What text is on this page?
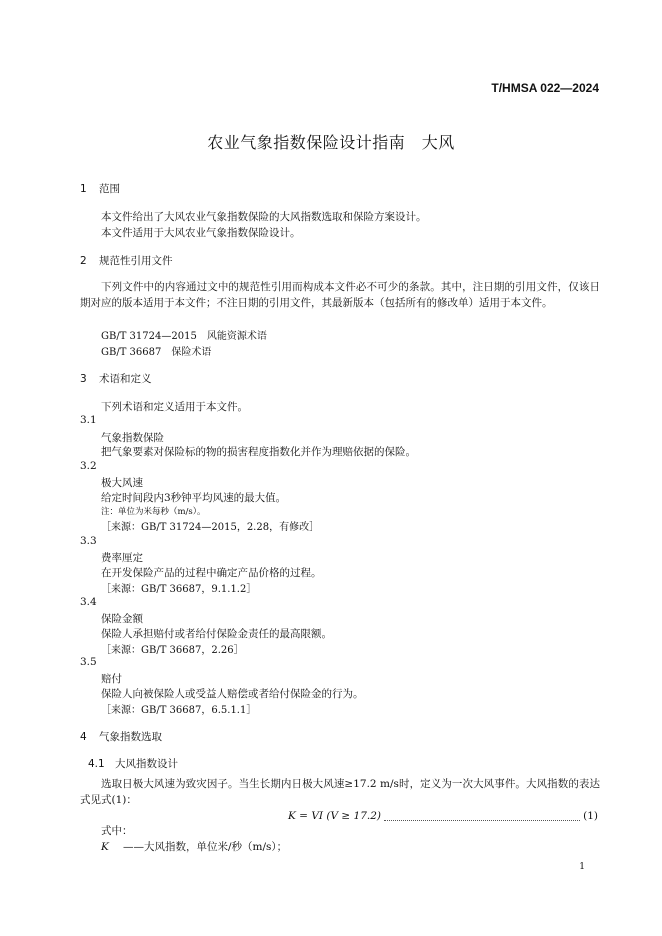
T/HMSA 022—2024
农业气象指数保险设计指南　大风
1 范围
本文件给出了大风农业气象指数保险的大风指数选取和保险方案设计。
本文件适用于大风农业气象指数保险设计。
2 规范性引用文件
下列文件中的内容通过文中的规范性引用而构成本文件必不可少的条款。其中，注日期的引用文件，仅该日期对应的版本适用于本文件；不注日期的引用文件，其最新版本（包括所有的修改单）适用于本文件。
GB/T 31724—2015　风能资源术语
GB/T 36687　保险术语
3 术语和定义
下列术语和定义适用于本文件。
3.1
气象指数保险
把气象要素对保险标的物的损害程度指数化并作为理赔依据的保险。
3.2
极大风速
给定时间段内3秒钟平均风速的最大值。
注：单位为米每秒（m/s）。
［来源：GB/T 31724—2015，2.28，有修改］
3.3
费率厘定
在开发保险产品的过程中确定产品价格的过程。
［来源：GB/T 36687，9.1.1.2］
3.4
保险金额
保险人承担赔付或者给付保险金责任的最高限额。
［来源：GB/T 36687，2.26］
3.5
赔付
保险人向被保险人或受益人赔偿或者给付保险金的行为。
［来源：GB/T 36687，6.5.1.1］
4 气象指数选取
4.1 大风指数设计
选取日极大风速为致灾因子。当生长期内日极大风速≥17.2 m/s时，定义为一次大风事件。大风指数的表达式见式(1)：
K = VI (V ≥ 17.2)	(1)
式中：
K ——大风指数，单位米/秒（m/s）；
1
